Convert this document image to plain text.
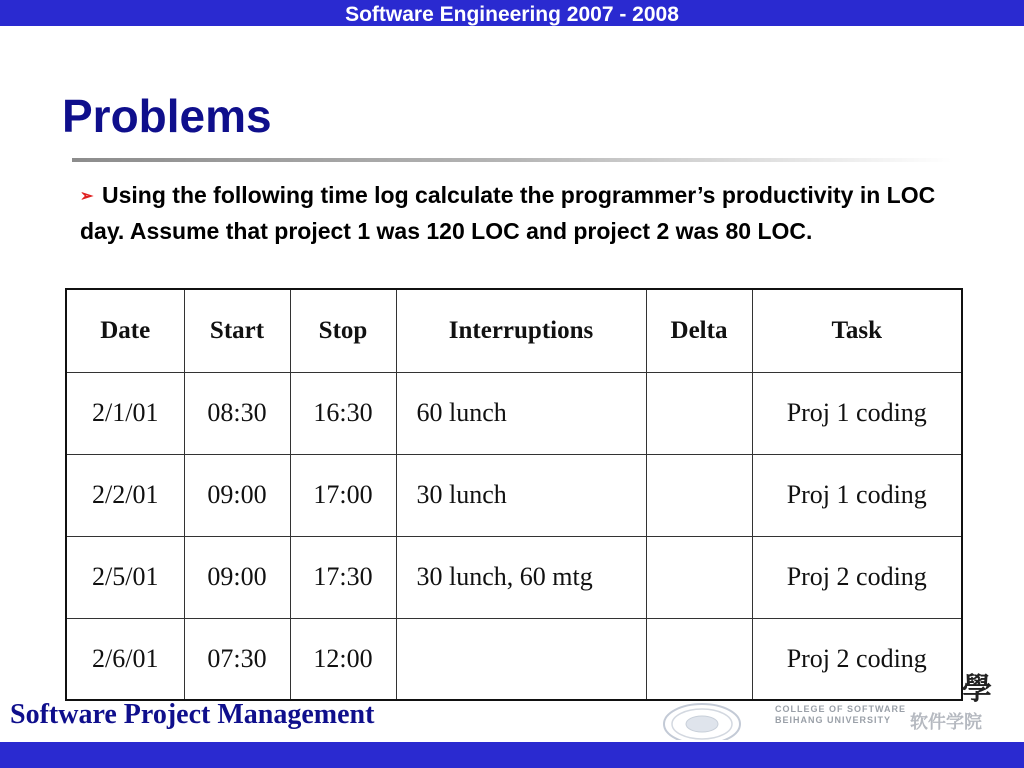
Software Engineering 2007 - 2008
Problems
➢ Using the following time log calculate the programmer’s productivity in LOC day. Assume that project 1 was 120 LOC and project 2 was 80 LOC.
Date	Start	Stop	Interruptions	Delta	Task
2/1/01	08:30	16:30	60 lunch		Proj 1 coding
2/2/01	09:00	17:00	30 lunch		Proj 1 coding
2/5/01	09:00	17:30	30 lunch, 60 mtg		Proj 2 coding
2/6/01	07:30	12:00			Proj 2 coding
Software Project Management	COLLEGE OF SOFTWARE
BEIHANG UNIVERSITY 软件学院
學
